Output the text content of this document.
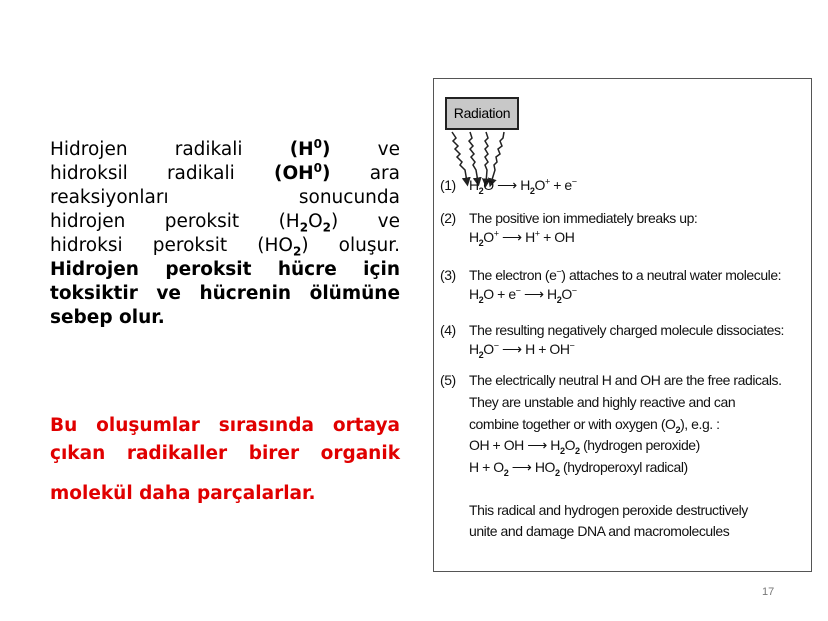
Hidrojen radikali $(H^0)$ ve
hidroksil radikali $(OH^0)$ ara
reaksiyonları sonucunda
hidrojen peroksit $(H_2O_2)$ ve
hidroksi peroksit $(HO_2)$ oluşur.
Hidrojen peroksit hücre için
toksiktir ve hücrenin ölümüne
sebep olur.
Bu oluşumlar sırasında ortaya
çıkan radikaller birer organik
molekül daha parçalarlar.
Radiation
$(1)H_2O$ ⟶ $H_2O^+ + e^-$
(2)The positive ion immediately breaks up:
$H_2O^+$ ⟶ H+ + OH
(3)The electron (e−) attaches to a neutral water molecule:
$H_2O + e^-$ ⟶ $H_2O^-$
(4)The resulting negatively charged molecule dissociates:
$H_2O^-$ ⟶ H + OH−
(5)The electrically neutral H and OH are the free radicals.
They are unstable and highly reactive and can
combine together or with oxygen $(O_2)$, e.g. :
OH + OH ⟶ $H_2O_2$ (hydrogen peroxide)
$H + O_2$ ⟶ $HO_2$ (hydroperoxyl radical)
This radical and hydrogen peroxide destructively
unite and damage DNA and macromolecules
17
